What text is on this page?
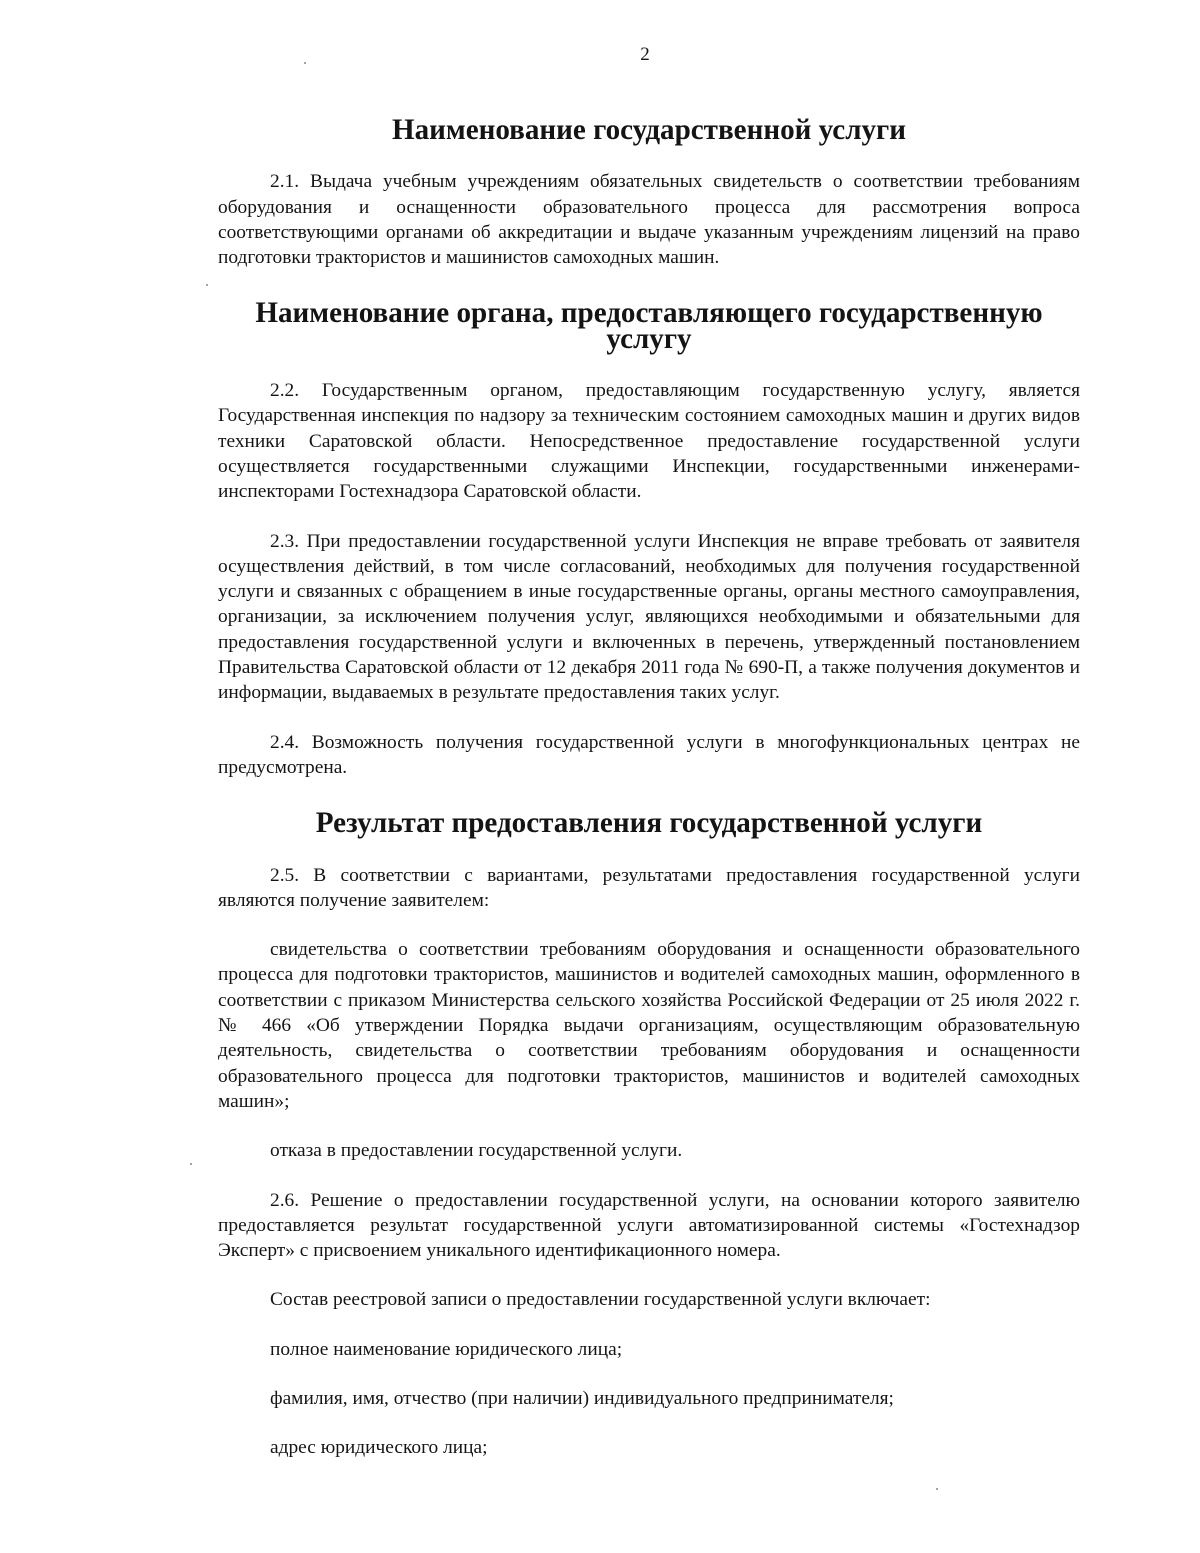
2
Наименование государственной услуги

2.1. Выдача учебным учреждениям обязательных свидетельств о соответствии требованиям оборудования и оснащенности образовательного процесса для рассмотрения вопроса соответствующими органами об аккредитации и выдаче указанным учреждениям лицензий на право подготовки трактористов и машинистов самоходных машин.

Наименование органа, предоставляющего государственную услугу

2.2. Государственным органом, предоставляющим государственную услугу, является Государственная инспекция по надзору за техническим состоянием самоходных машин и других видов техники Саратовской области. Непосредственное предоставление государственной услуги осуществляется государственными служащими Инспекции, государственными инженерами-инспекторами Гостехнадзора Саратовской области.

2.3. При предоставлении государственной услуги Инспекция не вправе требовать от заявителя осуществления действий, в том числе согласований, необходимых для получения государственной услуги и связанных с обращением в иные государственные органы, органы местного самоуправления, организации, за исключением получения услуг, являющихся необходимыми и обязательными для предоставления государственной услуги и включенных в перечень, утвержденный постановлением Правительства Саратовской области от 12 декабря 2011 года № 690-П, а также получения документов и информации, выдаваемых в результате предоставления таких услуг.

2.4. Возможность получения государственной услуги в многофункциональных центрах не предусмотрена.

Результат предоставления государственной услуги

2.5. В соответствии с вариантами, результатами предоставления государственной услуги являются получение заявителем:

свидетельства о соответствии требованиям оборудования и оснащенности образовательного процесса для подготовки трактористов, машинистов и водителей самоходных машин, оформленного в соответствии с приказом Министерства сельского хозяйства Российской Федерации от 25 июля 2022 г. № 466 «Об утверждении Порядка выдачи организациям, осуществляющим образовательную деятельность, свидетельства о соответствии требованиям оборудования и оснащенности образовательного процесса для подготовки трактористов, машинистов и водителей самоходных машин»;

отказа в предоставлении государственной услуги.

2.6. Решение о предоставлении государственной услуги, на основании которого заявителю предоставляется результат государственной услуги автоматизированной системы «Гостехнадзор Эксперт» с присвоением уникального идентификационного номера.

Состав реестровой записи о предоставлении государственной услуги включает:

полное наименование юридического лица;

фамилия, имя, отчество (при наличии) индивидуального предпринимателя;

адрес юридического лица;
